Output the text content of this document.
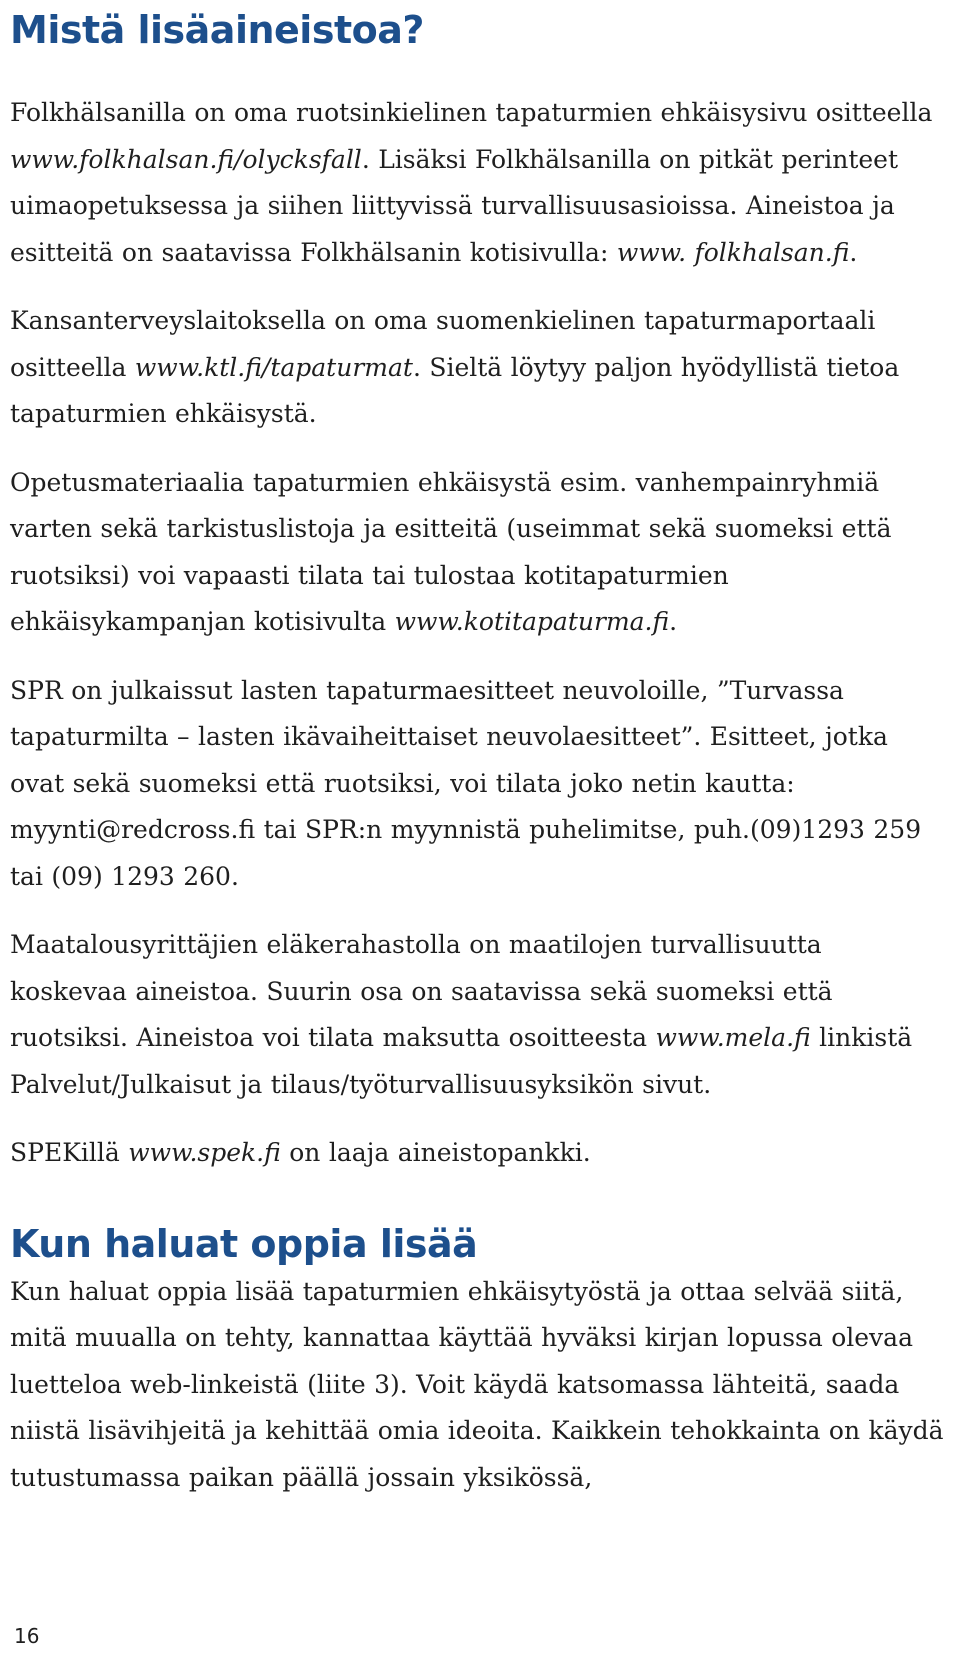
Mistä lisäaineistoa?

Folkhälsanilla on oma ruotsinkielinen tapaturmien ehkäisysivu ositteella www.folkhalsan.fi/olycksfall. Lisäksi Folkhälsanilla on pitkät perinteet uimaopetuksessa ja siihen liittyvissä turvallisuusasioissa. Aineistoa ja esitteitä on saatavissa Folkhälsanin kotisivulla: www. folkhalsan.fi.

Kansanterveyslaitoksella on oma suomenkielinen tapaturmaportaali ositteella www.ktl.fi/tapaturmat. Sieltä löytyy paljon hyödyllistä tietoa tapaturmien ehkäisystä.

Opetusmateriaalia tapaturmien ehkäisystä esim. vanhempainryhmiä varten sekä tarkistuslistoja ja esitteitä (useimmat sekä suomeksi että ruotsiksi) voi vapaasti tilata tai tulostaa kotitapaturmien ehkäisykampanjan kotisivulta www.kotitapaturma.fi.

SPR on julkaissut lasten tapaturmaesitteet neuvoloille, ”Turvassa tapaturmilta – lasten ikävaiheittaiset neuvolaesitteet”. Esitteet, jotka ovat sekä suomeksi että ruotsiksi, voi tilata joko netin kautta: myynti@redcross.fi tai SPR:n myynnistä puhelimitse, puh.(09)1293 259 tai (09) 1293 260.

Maatalousyrittäjien eläkerahastolla on maatilojen turvallisuutta koskevaa aineistoa. Suurin osa on saatavissa sekä suomeksi että ruotsiksi. Aineistoa voi tilata maksutta osoitteesta www.mela.fi linkistä Palvelut/Julkaisut ja tilaus/työturvallisuusyksikön sivut.

SPEKillä www.spek.fi on laaja aineistopankki.

Kun haluat oppia lisää

Kun haluat oppia lisää tapaturmien ehkäisytyöstä ja ottaa selvää siitä, mitä muualla on tehty, kannattaa käyttää hyväksi kirjan lopussa olevaa luetteloa web-linkeistä (liite 3). Voit käydä katsomassa lähteitä, saada niistä lisävihjeitä ja kehittää omia ideoita. Kaikkein tehokkainta on käydä tutustumassa paikan päällä jossain yksikössä,

16
